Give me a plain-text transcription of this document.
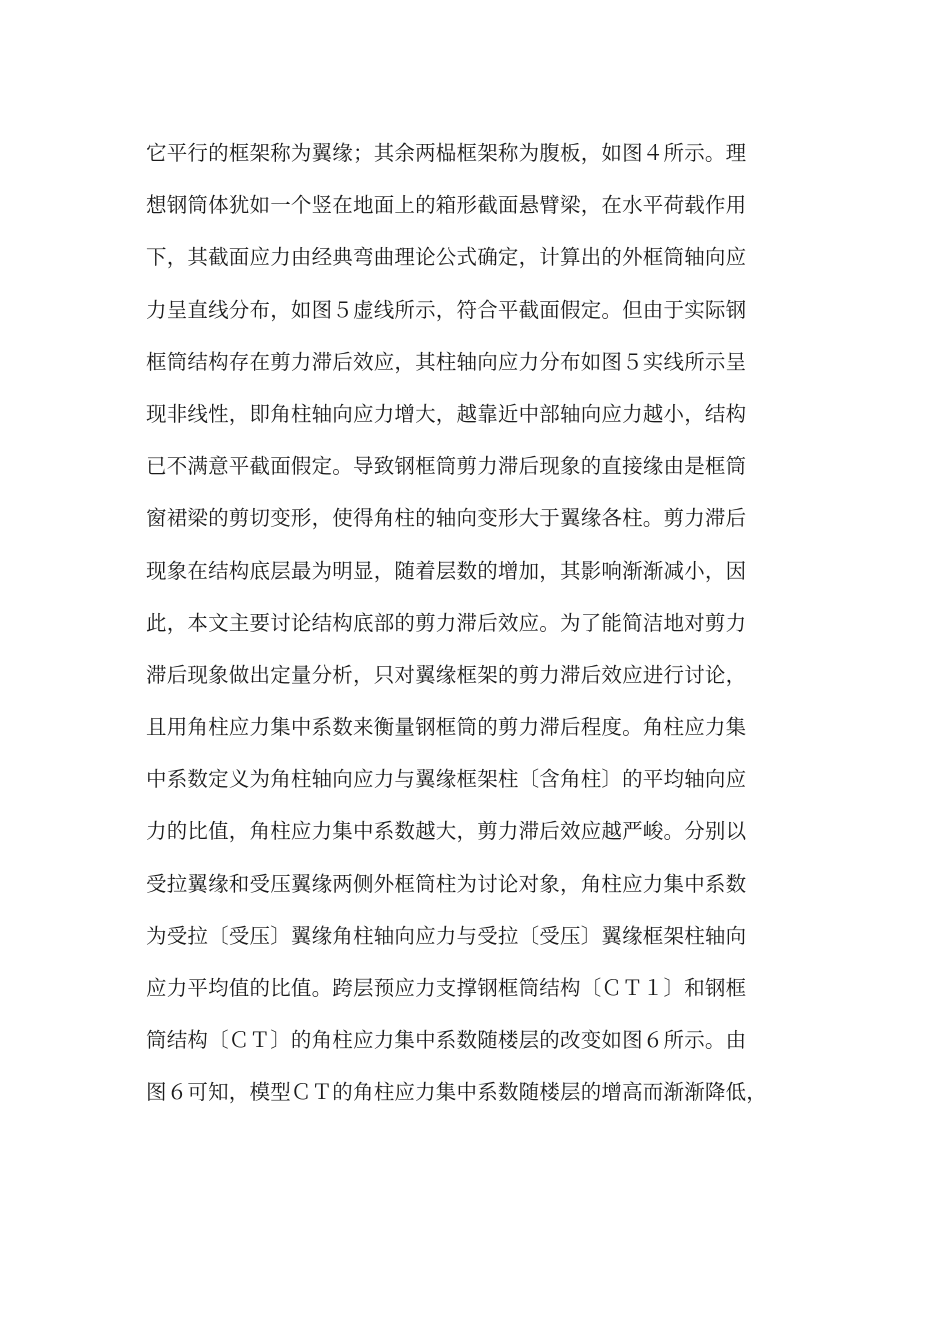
它平行的框架称为翼缘；其余两榀框架称为腹板，如图４所示。理
想钢筒体犹如一个竖在地面上的箱形截面悬臂梁，在水平荷载作用
下，其截面应力由经典弯曲理论公式确定，计算出的外框筒轴向应
力呈直线分布，如图５虚线所示，符合平截面假定。但由于实际钢
框筒结构存在剪力滞后效应，其柱轴向应力分布如图５实线所示呈
现非线性，即角柱轴向应力增大，越靠近中部轴向应力越小，结构
已不满意平截面假定。导致钢框筒剪力滞后现象的直接缘由是框筒
窗裙梁的剪切变形，使得角柱的轴向变形大于翼缘各柱。剪力滞后
现象在结构底层最为明显，随着层数的增加，其影响渐渐减小，因
此，本文主要讨论结构底部的剪力滞后效应。为了能简洁地对剪力
滞后现象做出定量分析，只对翼缘框架的剪力滞后效应进行讨论，
且用角柱应力集中系数来衡量钢框筒的剪力滞后程度。角柱应力集
中系数定义为角柱轴向应力与翼缘框架柱〔含角柱〕的平均轴向应
力的比值，角柱应力集中系数越大，剪力滞后效应越严峻。分别以
受拉翼缘和受压翼缘两侧外框筒柱为讨论对象，角柱应力集中系数
为受拉〔受压〕翼缘角柱轴向应力与受拉〔受压〕翼缘框架柱轴向
应力平均值的比值。跨层预应力支撑钢框筒结构〔ＣＴ１〕和钢框
筒结构〔ＣＴ〕的角柱应力集中系数随楼层的改变如图６所示。由
图６可知，模型ＣＴ的角柱应力集中系数随楼层的增高而渐渐降低，
